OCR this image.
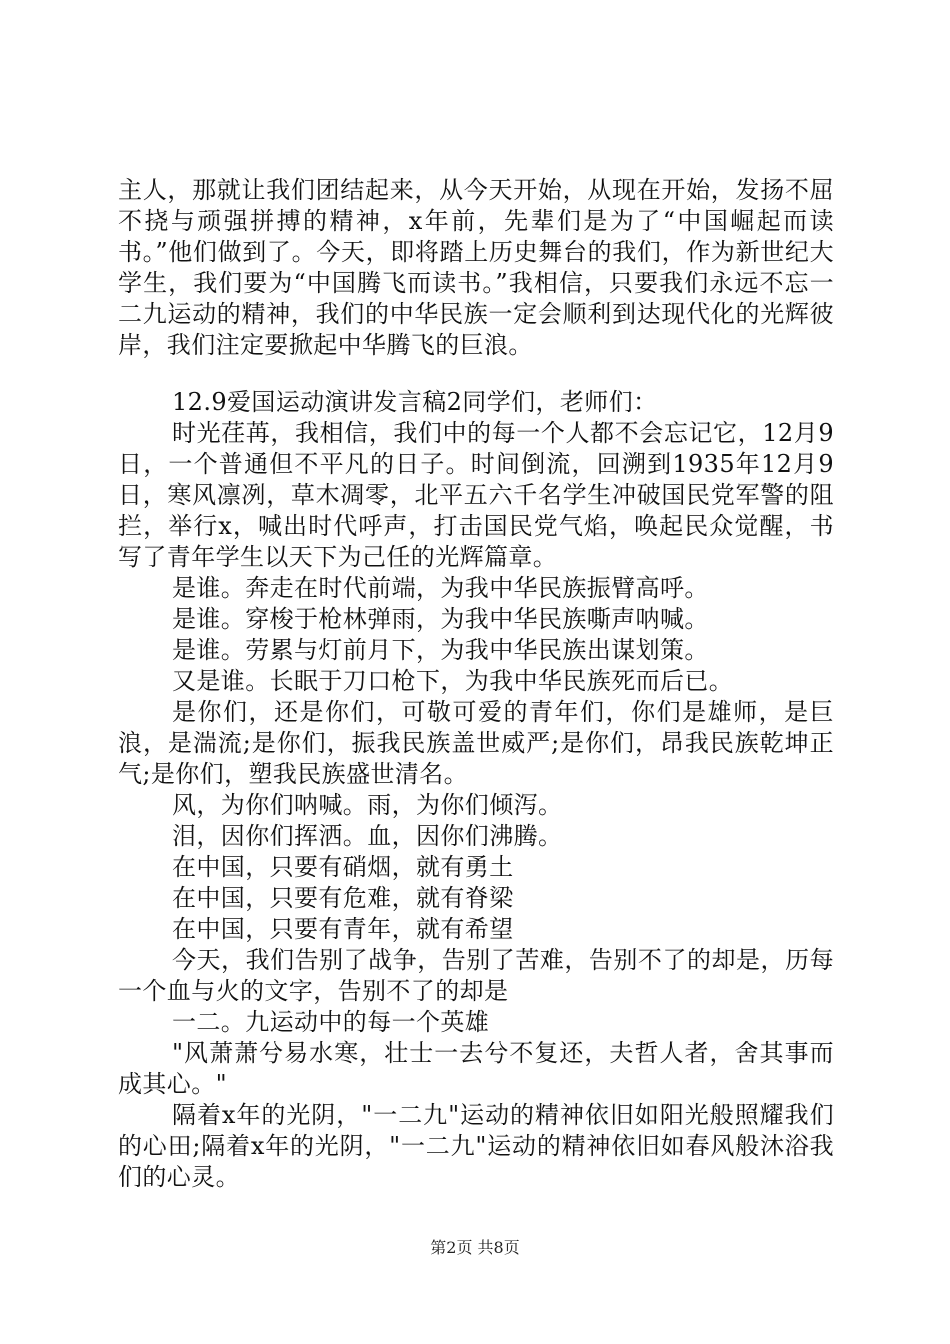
主人，那就让我们团结起来，从今天开始，从现在开始，发扬不屈不挠与顽强拼搏的精神，x年前，先辈们是为了“中国崛起而读书。”他们做到了。今天，即将踏上历史舞台的我们，作为新世纪大学生，我们要为“中国腾飞而读书。”我相信，只要我们永远不忘一二九运动的精神，我们的中华民族一定会顺利到达现代化的光辉彼岸，我们注定要掀起中华腾飞的巨浪。

12.9爱国运动演讲发言稿2同学们，老师们：

时光荏苒，我相信，我们中的每一个人都不会忘记它，12月9日，一个普通但不平凡的日子。时间倒流，回溯到1935年12月9日，寒风凛冽，草木凋零，北平五六千名学生冲破国民党军警的阻拦，举行x，喊出时代呼声，打击国民党气焰，唤起民众觉醒，书写了青年学生以天下为己任的光辉篇章。

是谁。奔走在时代前端，为我中华民族振臂高呼。

是谁。穿梭于枪林弹雨，为我中华民族嘶声呐喊。

是谁。劳累与灯前月下，为我中华民族出谋划策。

又是谁。长眠于刀口枪下，为我中华民族死而后已。

是你们，还是你们，可敬可爱的青年们，你们是雄师，是巨浪，是湍流;是你们，振我民族盖世威严;是你们，昂我民族乾坤正气;是你们，塑我民族盛世清名。

风，为你们呐喊。雨，为你们倾泻。

泪，因你们挥洒。血，因你们沸腾。

在中国，只要有硝烟，就有勇土

在中国，只要有危难，就有脊梁

在中国，只要有青年，就有希望

今天，我们告别了战争，告别了苦难，告别不了的却是，历每一个血与火的文字，告别不了的却是

一二。九运动中的每一个英雄

"风萧萧兮易水寒，壮士一去兮不复还，夫哲人者，舍其事而成其心。"

隔着x年的光阴，"一二九"运动的精神依旧如阳光般照耀我们的心田;隔着x年的光阴，"一二九"运动的精神依旧如春风般沐浴我们的心灵。

第2页 共8页
